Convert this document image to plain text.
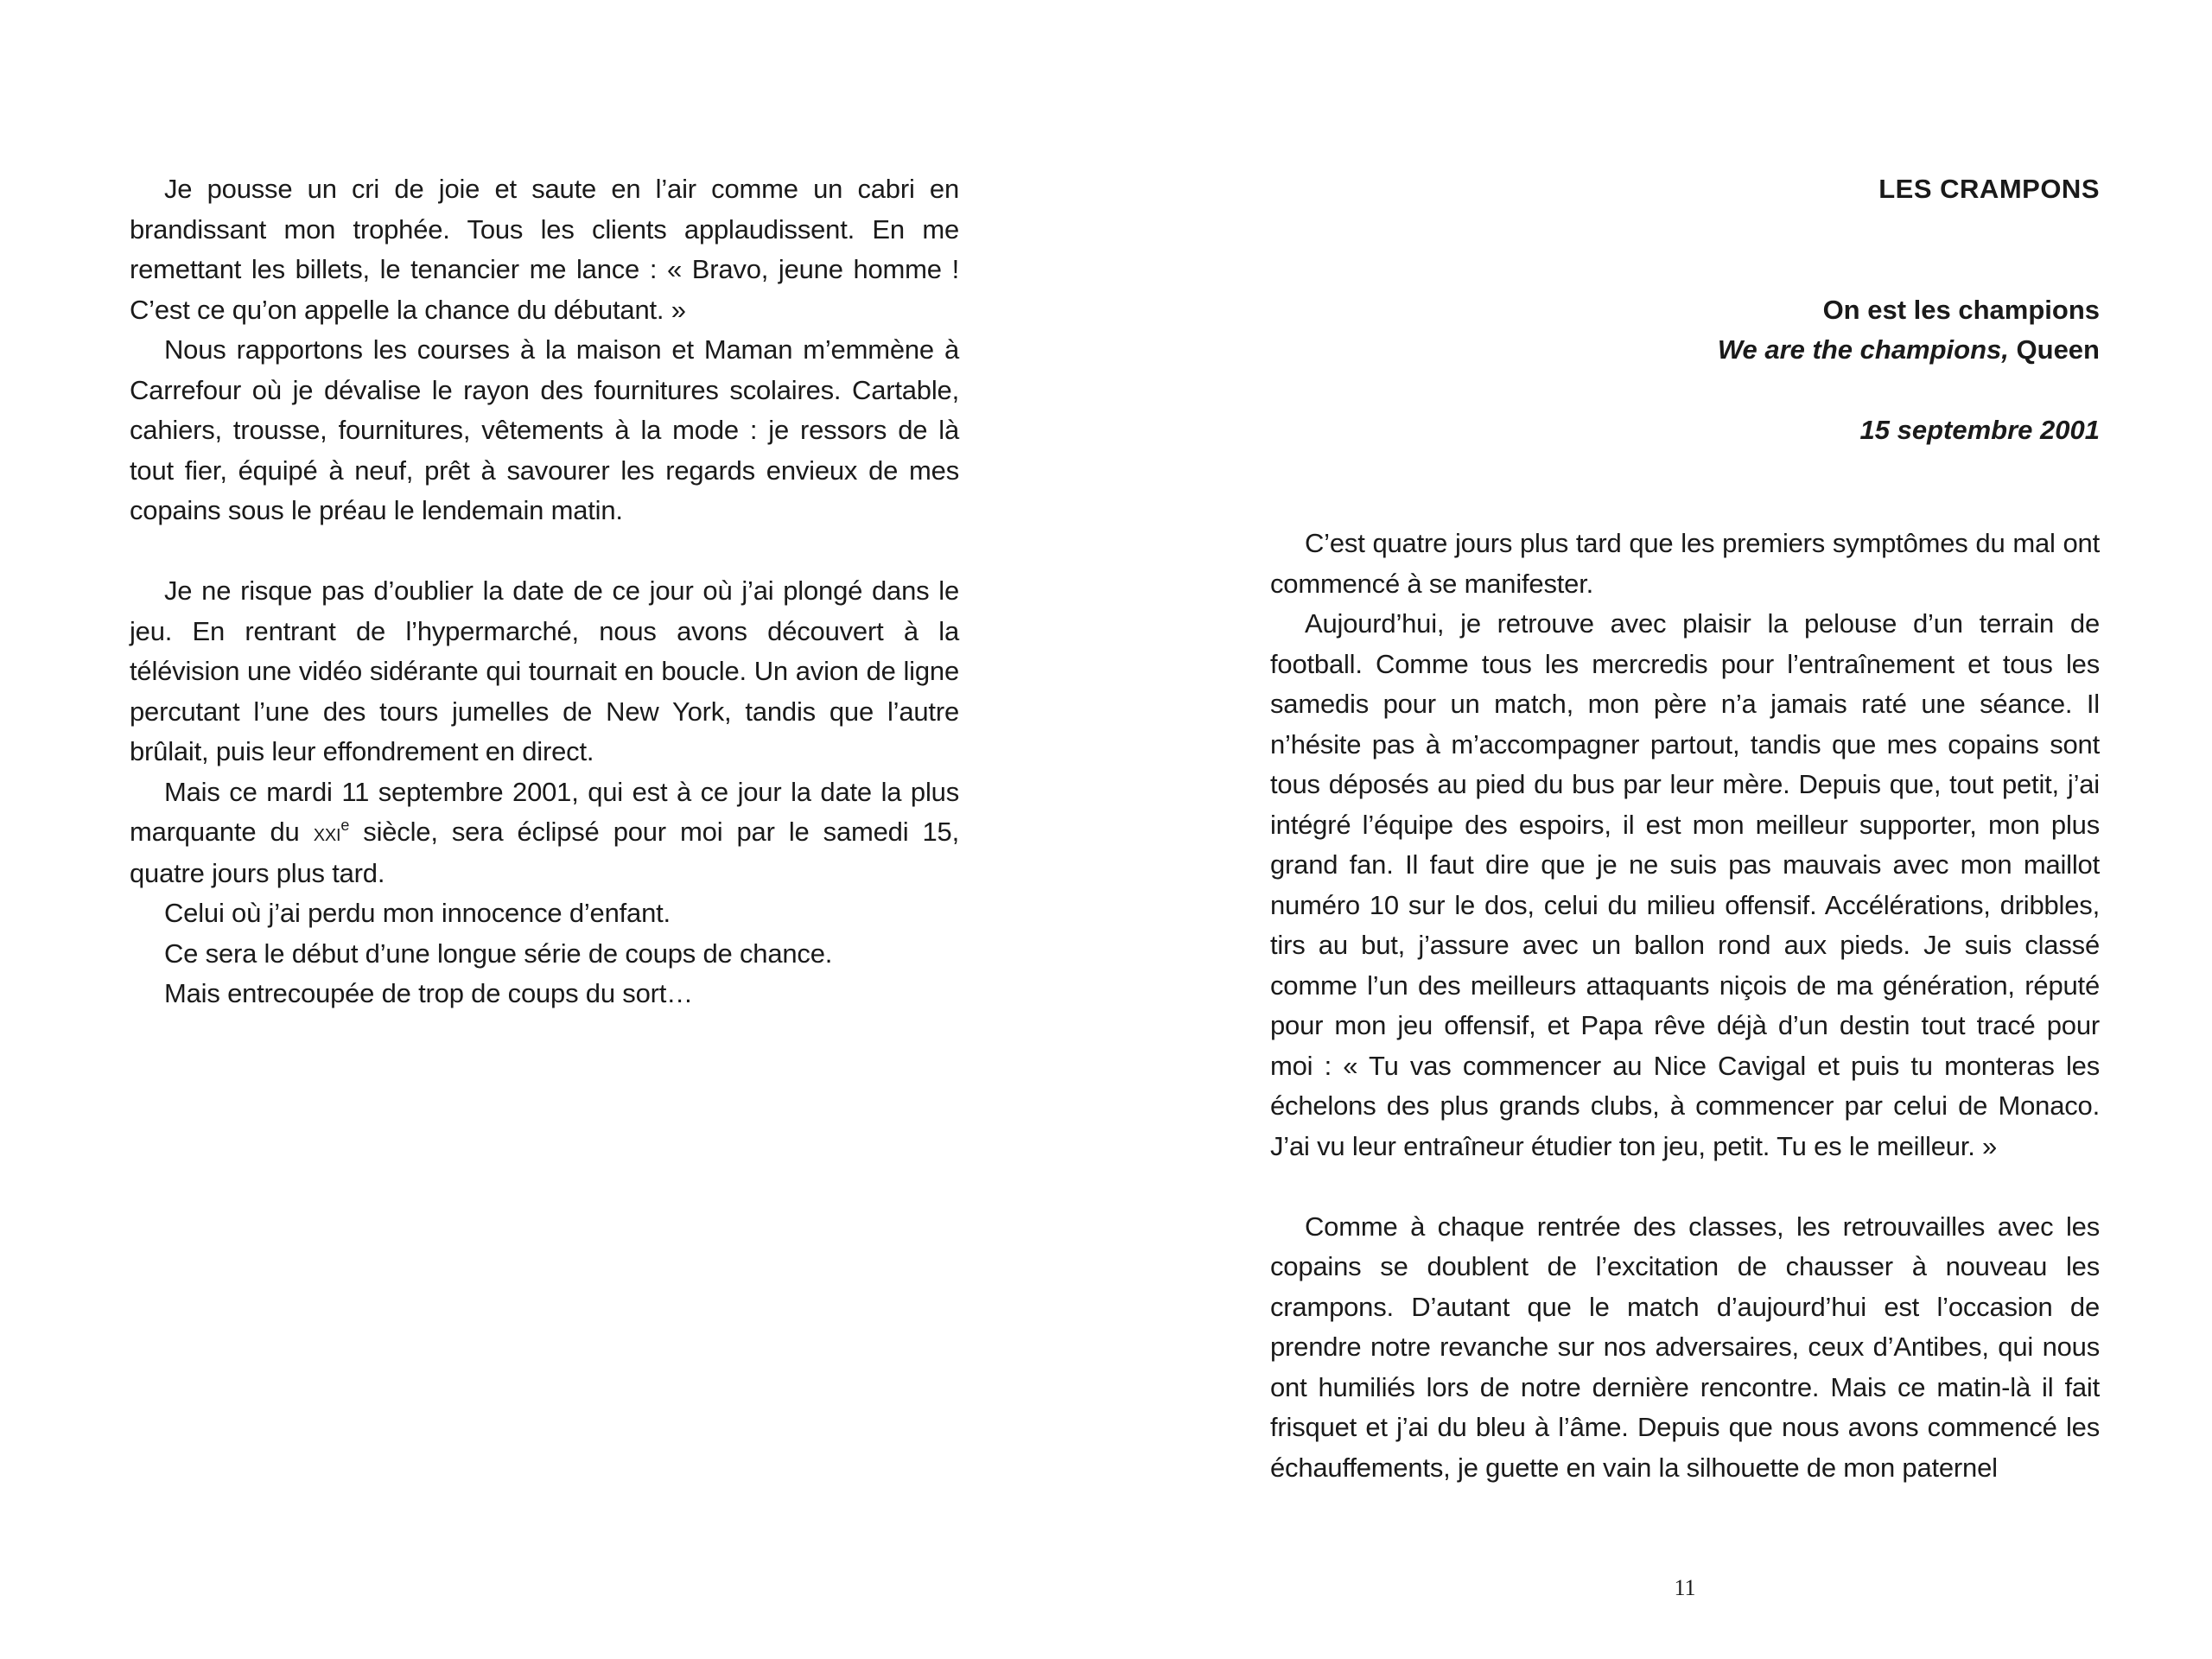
Je pousse un cri de joie et saute en l’air comme un cabri en brandissant mon trophée. Tous les clients applaudissent. En me remettant les billets, le tenancier me lance : « Bravo, jeune homme ! C’est ce qu’on appelle la chance du débutant. »

Nous rapportons les courses à la maison et Maman m’emmène à Carrefour où je dévalise le rayon des fournitures scolaires. Cartable, cahiers, trousse, fournitures, vêtements à la mode : je ressors de là tout fier, équipé à neuf, prêt à savourer les regards envieux de mes copains sous le préau le lendemain matin.

Je ne risque pas d’oublier la date de ce jour où j’ai plongé dans le jeu. En rentrant de l’hypermarché, nous avons découvert à la télévision une vidéo sidérante qui tournait en boucle. Un avion de ligne percutant l’une des tours jumelles de New York, tandis que l’autre brûlait, puis leur effondrement en direct.

Mais ce mardi 11 septembre 2001, qui est à ce jour la date la plus marquante du xxi$^e$ siècle, sera éclipsé pour moi par le samedi 15, quatre jours plus tard.

Celui où j’ai perdu mon innocence d’enfant.

Ce sera le début d’une longue série de coups de chance.

Mais entrecoupée de trop de coups du sort…

LES CRAMPONS
On est les champions
We are the champions, Queen
15 septembre 2001

C’est quatre jours plus tard que les premiers symptômes du mal ont commencé à se manifester.

Aujourd’hui, je retrouve avec plaisir la pelouse d’un terrain de football. Comme tous les mercredis pour l’entraînement et tous les samedis pour un match, mon père n’a jamais raté une séance. Il n’hésite pas à m’accompagner partout, tandis que mes copains sont tous déposés au pied du bus par leur mère. Depuis que, tout petit, j’ai intégré l’équipe des espoirs, il est mon meilleur supporter, mon plus grand fan. Il faut dire que je ne suis pas mauvais avec mon maillot numéro 10 sur le dos, celui du milieu offensif. Accélérations, dribbles, tirs au but, j’assure avec un ballon rond aux pieds. Je suis classé comme l’un des meilleurs attaquants niçois de ma génération, réputé pour mon jeu offensif, et Papa rêve déjà d’un destin tout tracé pour moi : « Tu vas commencer au Nice Cavigal et puis tu monteras les échelons des plus grands clubs, à commencer par celui de Monaco. J’ai vu leur entraîneur étudier ton jeu, petit. Tu es le meilleur. »

Comme à chaque rentrée des classes, les retrouvailles avec les copains se doublent de l’excitation de chausser à nouveau les crampons. D’autant que le match d’aujourd’hui est l’occasion de prendre notre revanche sur nos adversaires, ceux d’Antibes, qui nous ont humiliés lors de notre dernière rencontre. Mais ce matin-là il fait frisquet et j’ai du bleu à l’âme. Depuis que nous avons commencé les échauffements, je guette en vain la silhouette de mon paternel

11
